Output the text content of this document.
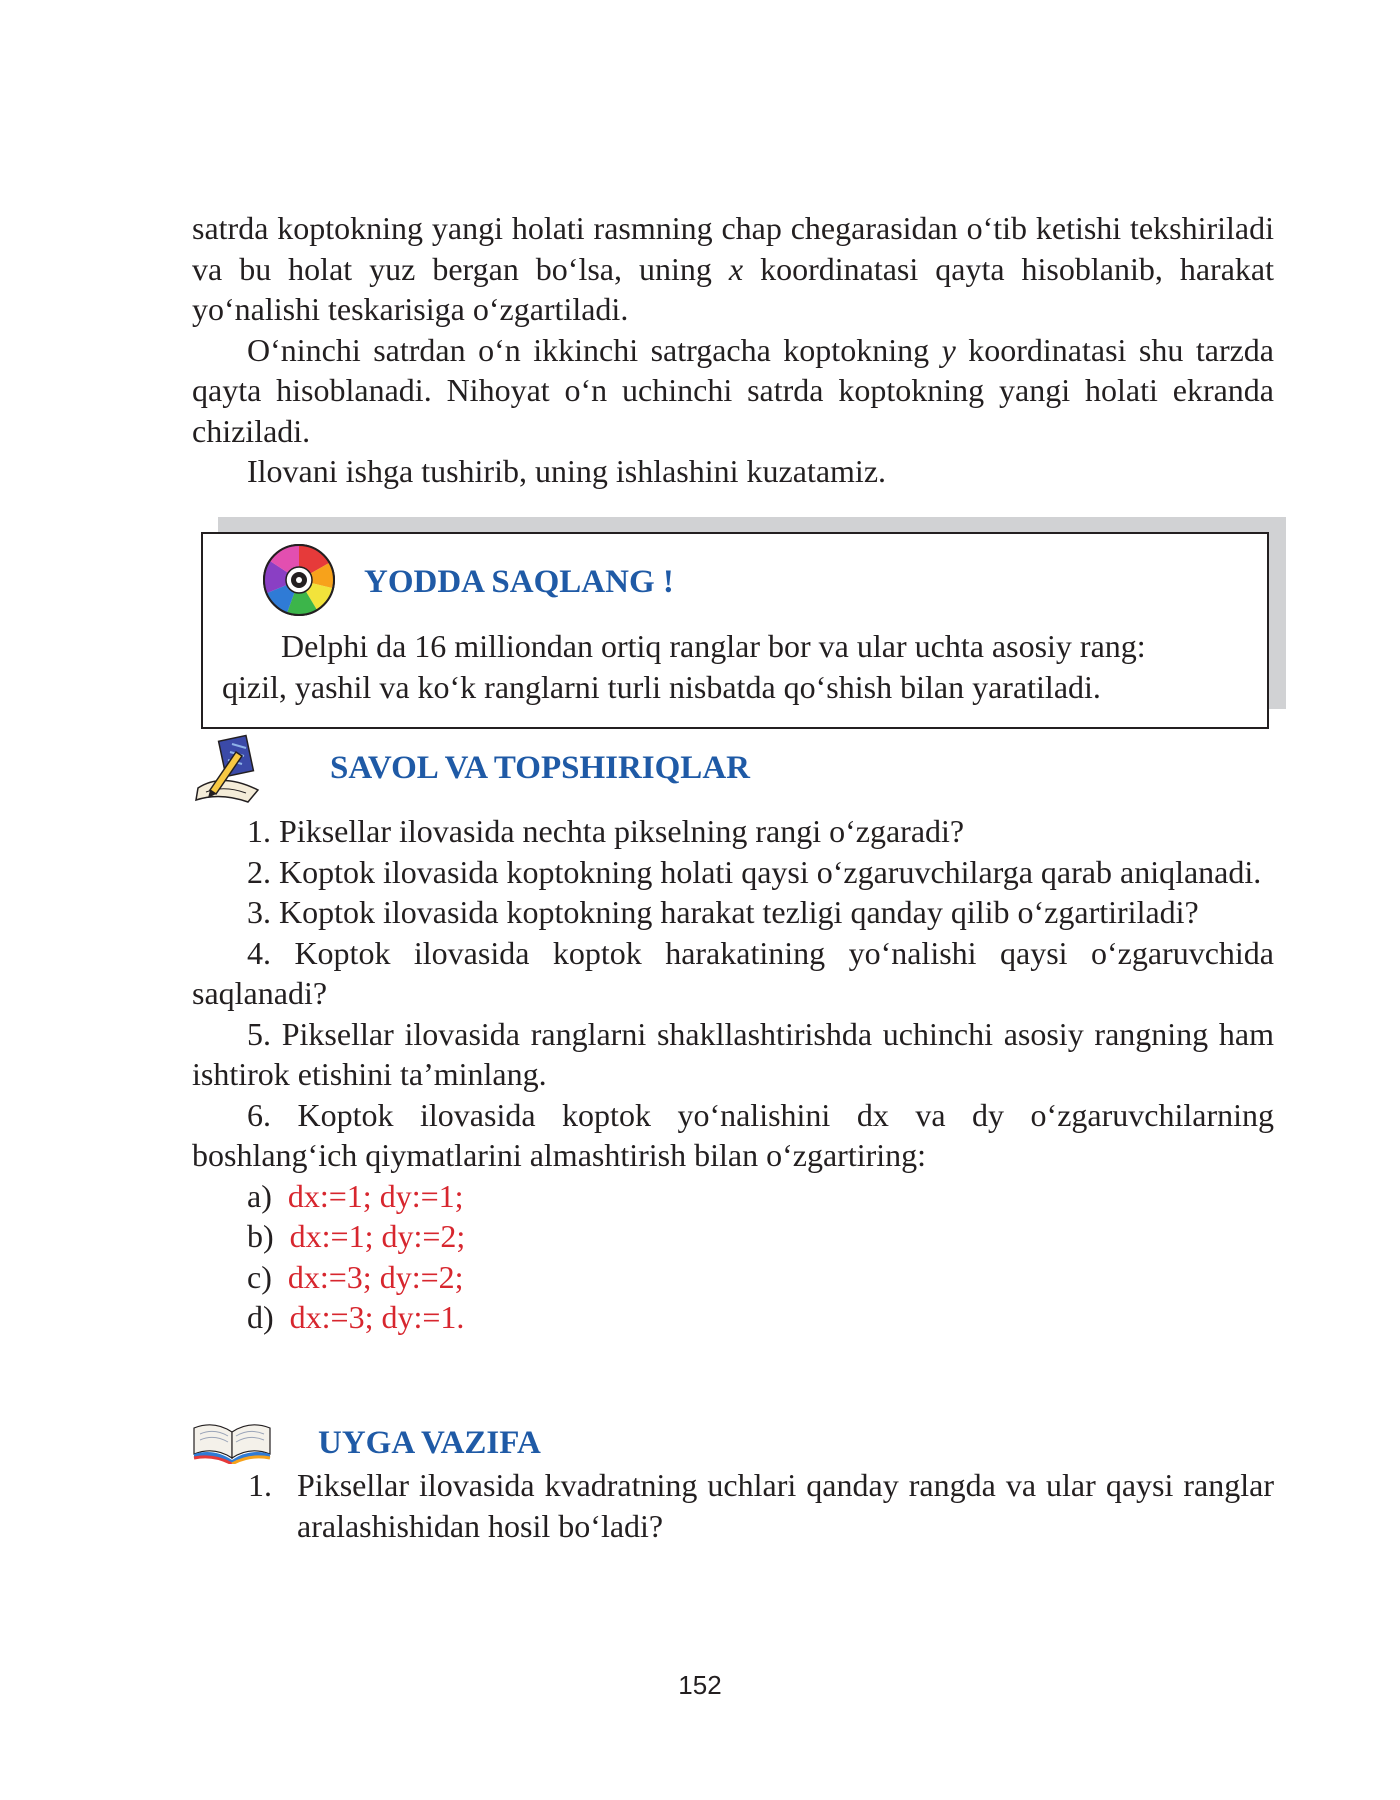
satrda koptokning yangi holati rasmning chap chegarasidan o‘tib ketishi tekshiriladi va bu holat yuz bergan bo‘lsa, uning x koordinatasi qayta hisoblanib, harakat yo‘nalishi teskarisiga o‘zgartiladi.

O‘ninchi satrdan o‘n ikkinchi satrgacha koptokning y koordinatasi shu tarzda qayta hisoblanadi. Nihoyat o‘n uchinchi satrda koptokning yangi holati ekranda chiziladi.

Ilovani ishga tushirib, uning ishlashini kuzatamiz.

YODDA SAQLANG !

Delphi da 16 milliondan ortiq ranglar bor va ular uchta asosiy rang:

qizil, yashil va ko‘k ranglarni turli nisbatda qo‘shish bilan yaratiladi.

SAVOL VA TOPSHIRIQLAR

1. Piksellar ilovasida nechta pikselning rangi o‘zgaradi?

2. Koptok ilovasida koptokning holati qaysi o‘zgaruvchilarga qarab aniqlanadi.

3. Koptok ilovasida koptokning harakat tezligi qanday qilib o‘zgartiriladi?

4. Koptok ilovasida koptok harakatining yo‘nalishi qaysi o‘zgaruvchida saqlanadi?

5. Piksellar ilovasida ranglarni shakllashtirishda uchinchi asosiy rangning ham ishtirok etishini ta’minlang.

6. Koptok ilovasida koptok yo‘nalishini dx va dy o‘zgaruvchilarning boshlang‘ich qiymatlarini almashtirish bilan o‘zgartiring:

a) dx:=1; dy:=1;

b) dx:=1; dy:=2;

c) dx:=3; dy:=2;

d) dx:=3; dy:=1.

UYGA VAZIFA
1. Piksellar ilovasida kvadratning uchlari qanday rangda va ular qaysi ranglar aralashishidan hosil bo‘ladi?
152
